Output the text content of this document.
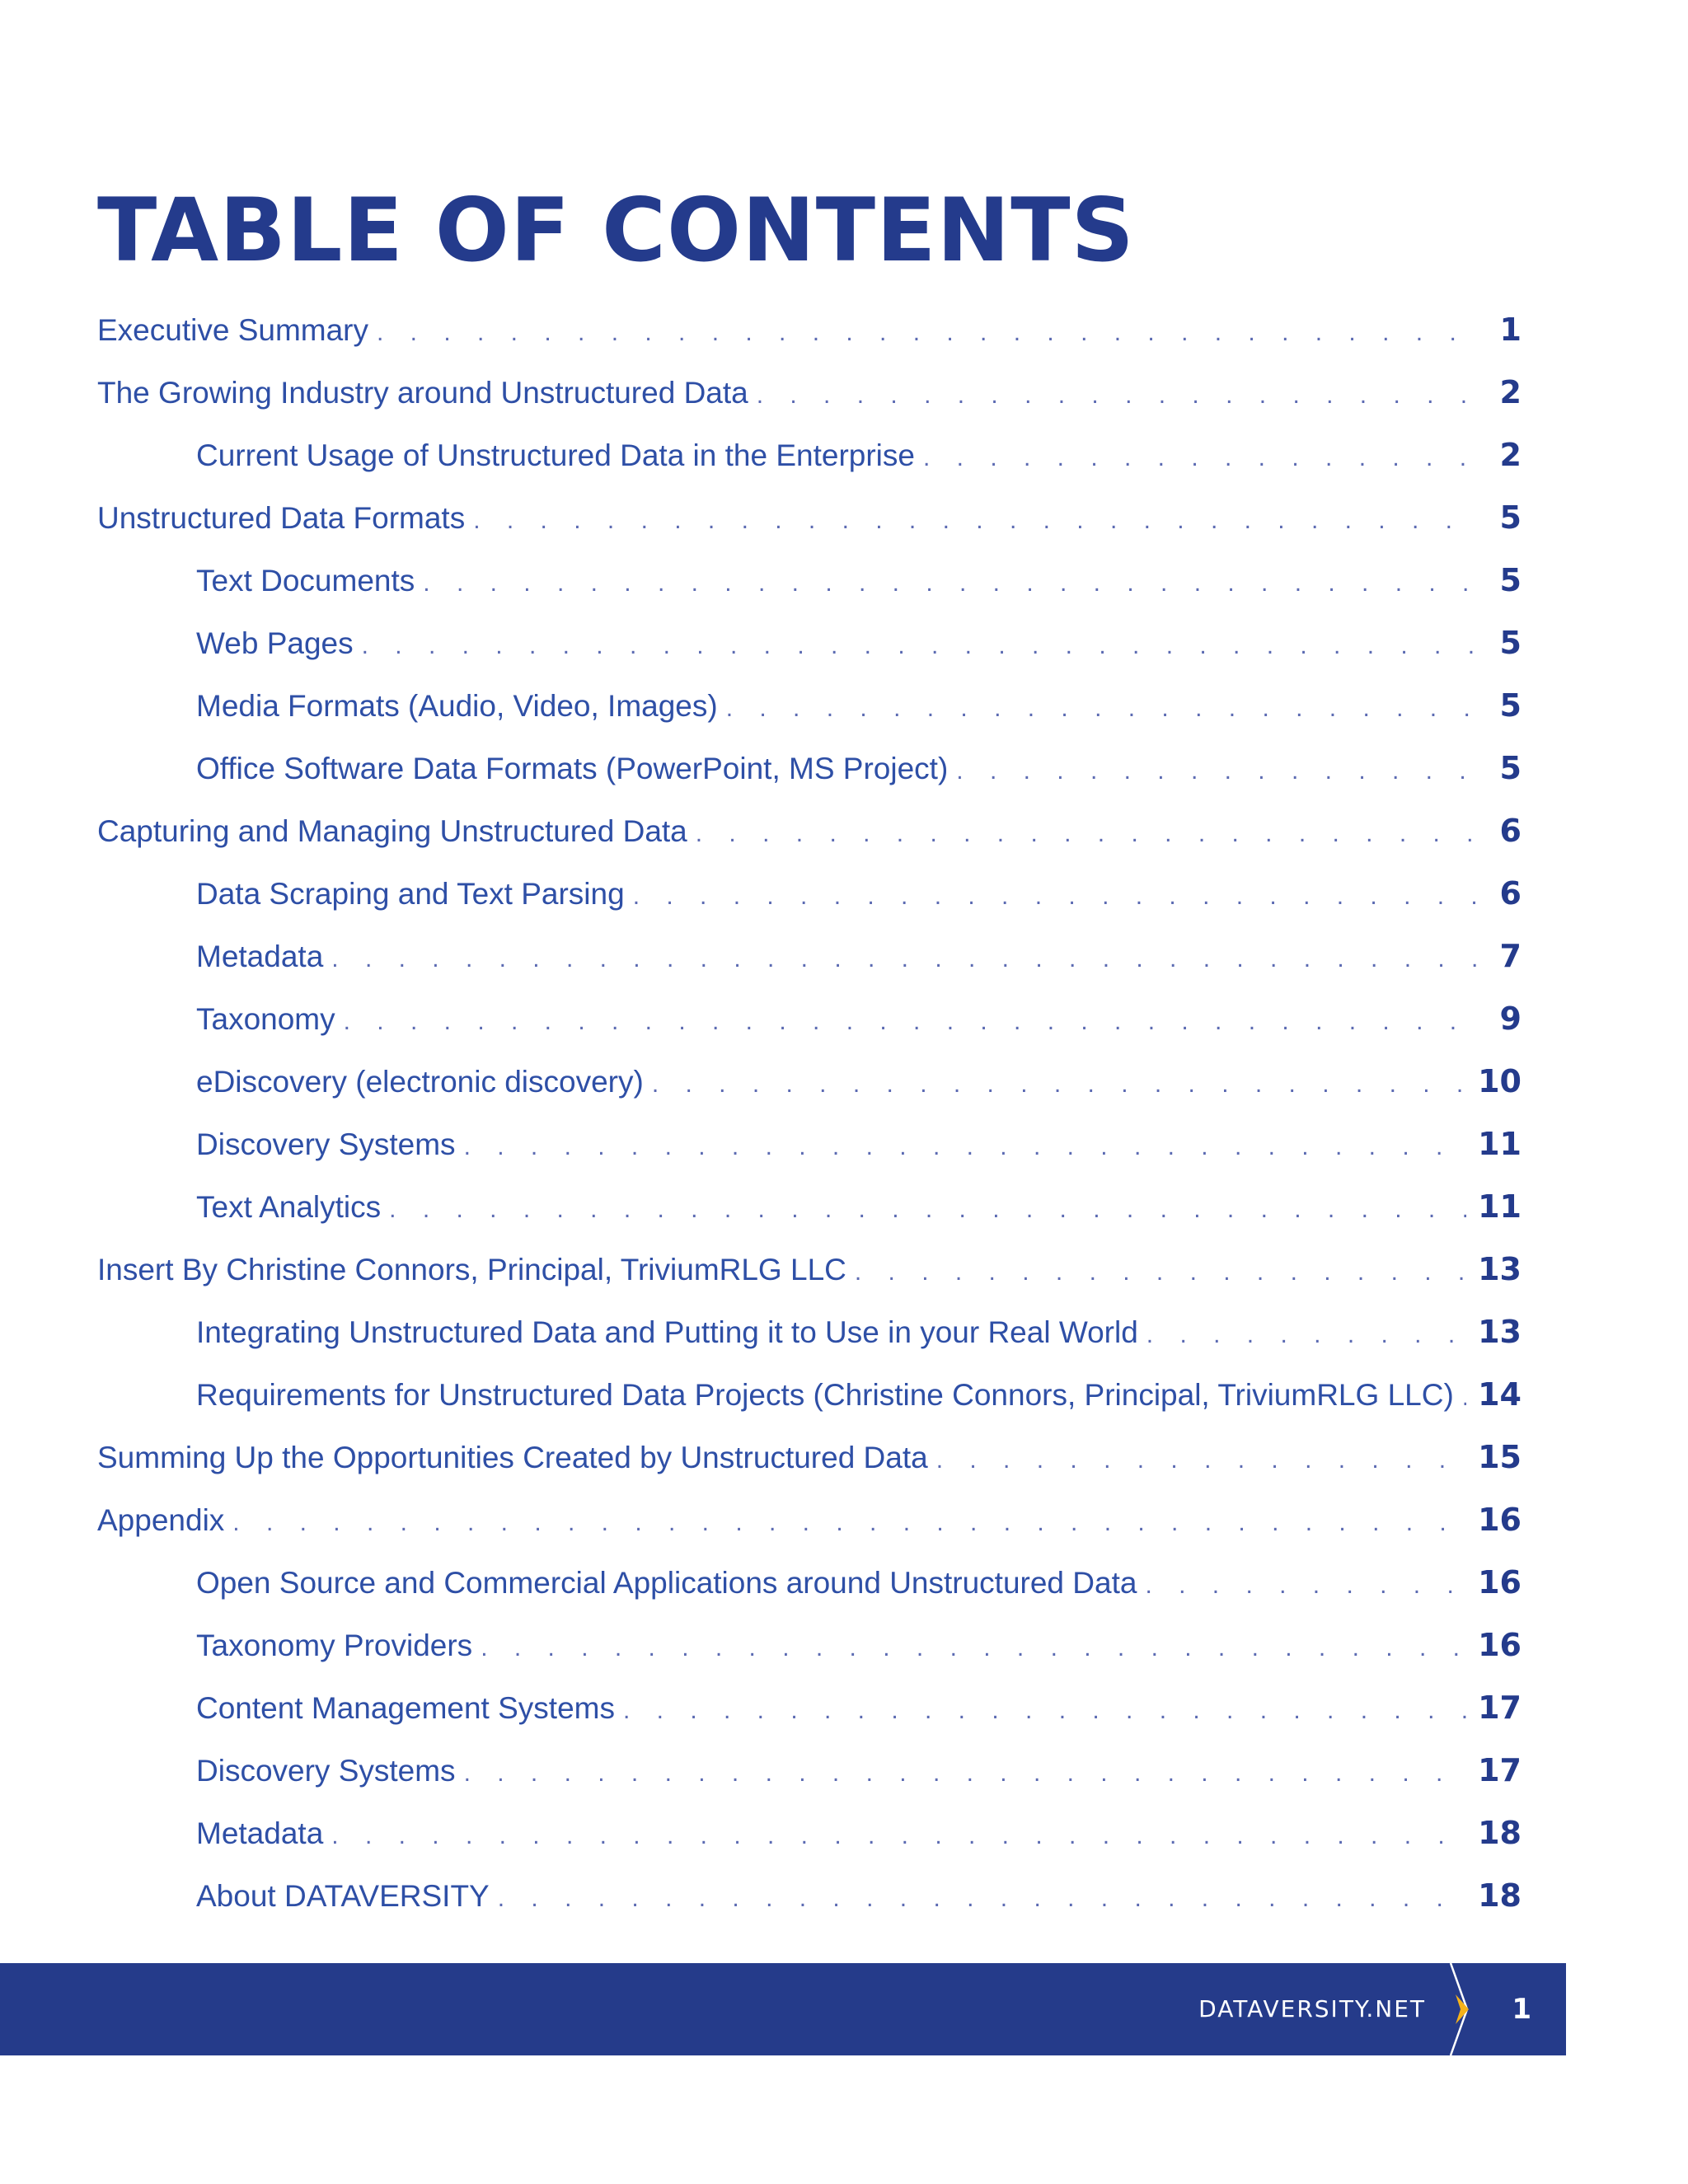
TABLE OF CONTENTS
Executive Summary . . .	1
The Growing Industry around Unstructured Data . . .	2
Current Usage of Unstructured Data in the Enterprise . . .	2
Unstructured Data Formats . . .	5
Text Documents . . .	5
Web Pages . . .	5
Media Formats (Audio, Video, Images) . . .	5
Office Software Data Formats (PowerPoint, MS Project) . . .	5
Capturing and Managing Unstructured Data . . .	6
Data Scraping and Text Parsing . . .	6
Metadata . . .	7
Taxonomy . . .	9
eDiscovery (electronic discovery) . . .	10
Discovery Systems . . .	11
Text Analytics . . .	11
Insert By Christine Connors, Principal, TriviumRLG LLC . . .	13
Integrating Unstructured Data and Putting it to Use in your Real World . . .	13
Requirements for Unstructured Data Projects (Christine Connors, Principal, TriviumRLG LLC) . . . 14
Summing Up the Opportunities Created by Unstructured Data . . .	15
Appendix . . .	16
Open Source and Commercial Applications around Unstructured Data . . .	16
Taxonomy Providers . . .	16
Content Management Systems . . .	17
Discovery Systems . . .	17
Metadata . . .	18
About DATAVERSITY . . .	18
DATAVERSITY.NET	1
